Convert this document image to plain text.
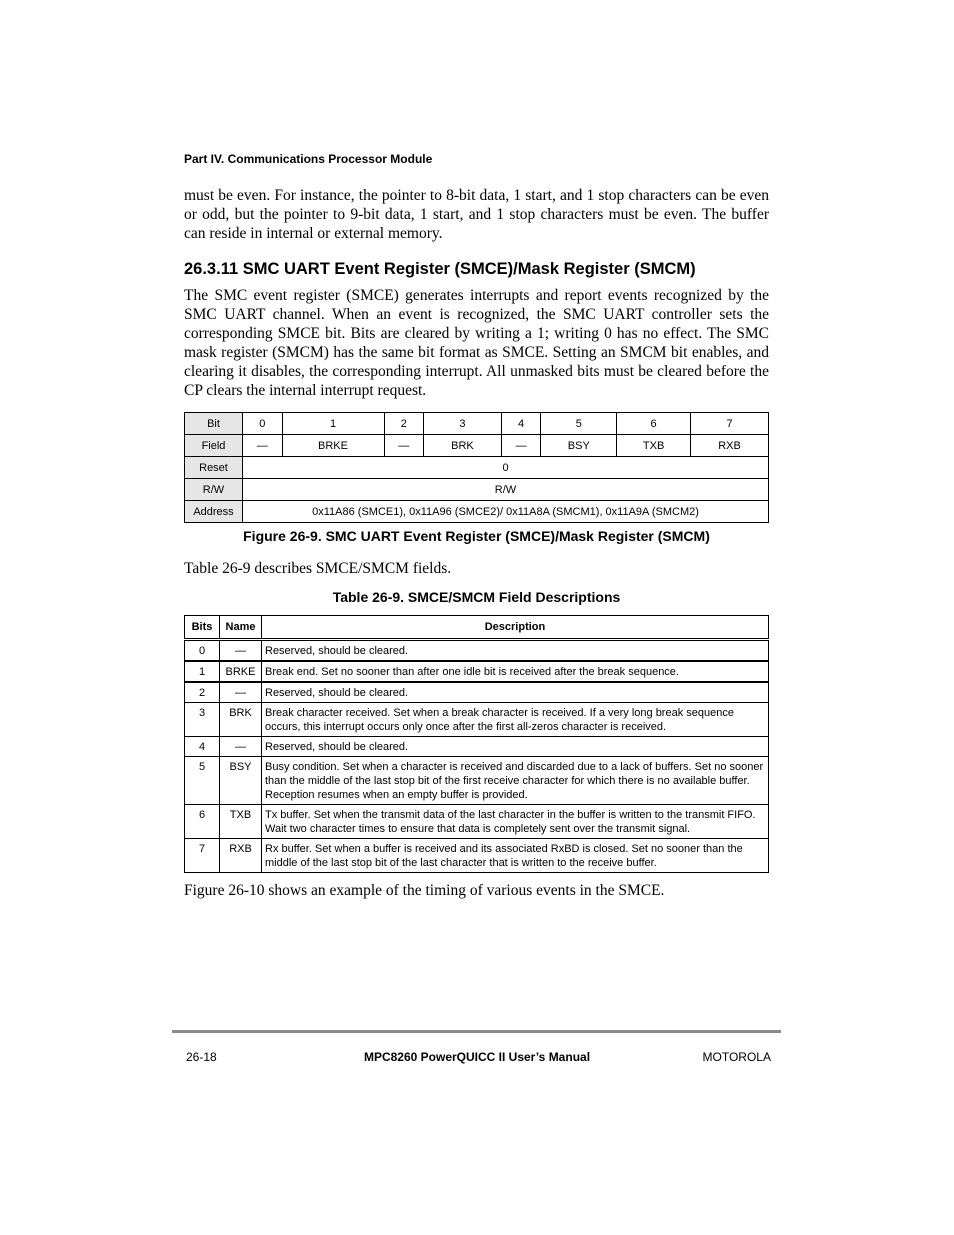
Part IV. Communications Processor Module
must be even. For instance, the pointer to 8-bit data, 1 start, and 1 stop characters can be even or odd, but the pointer to 9-bit data, 1 start, and 1 stop characters must be even. The buffer can reside in internal or external memory.
26.3.11 SMC UART Event Register (SMCE)/Mask Register (SMCM)
The SMC event register (SMCE) generates interrupts and report events recognized by the SMC UART channel. When an event is recognized, the SMC UART controller sets the corresponding SMCE bit. Bits are cleared by writing a 1; writing 0 has no effect. The SMC mask register (SMCM) has the same bit format as SMCE. Setting an SMCM bit enables, and clearing it disables, the corresponding interrupt. All unmasked bits must be cleared before the CP clears the internal interrupt request.
Bit	0	1	2	3	4	5	6	7
Field	—	BRKE	—	BRK	—	BSY	TXB	RXB
Reset	0							
R/W	R/W							
Address	0x11A86 (SMCE1), 0x11A96 (SMCE2)/ 0x11A8A (SMCM1), 0x11A9A (SMCM2)							
Figure 26-9. SMC UART Event Register (SMCE)/Mask Register (SMCM)
Table 26-9 describes SMCE/SMCM fields.
Table 26-9. SMCE/SMCM Field Descriptions
Bits	Name	Description
0	—	Reserved, should be cleared.
1	BRKE	Break end. Set no sooner than after one idle bit is received after the break sequence.
2	—	Reserved, should be cleared.
3	BRK	Break character received. Set when a break character is received. If a very long break sequence occurs, this interrupt occurs only once after the first all-zeros character is received.
4	—	Reserved, should be cleared.
5	BSY	Busy condition. Set when a character is received and discarded due to a lack of buffers. Set no sooner than the middle of the last stop bit of the first receive character for which there is no available buffer. Reception resumes when an empty buffer is provided.
6	TXB	Tx buffer. Set when the transmit data of the last character in the buffer is written to the transmit FIFO. Wait two character times to ensure that data is completely sent over the transmit signal.
7	RXB	Rx buffer. Set when a buffer is received and its associated RxBD is closed. Set no sooner than the middle of the last stop bit of the last character that is written to the receive buffer.
Figure 26-10 shows an example of the timing of various events in the SMCE.
26-18	MPC8260 PowerQUICC II User’s Manual	MOTOROLA
